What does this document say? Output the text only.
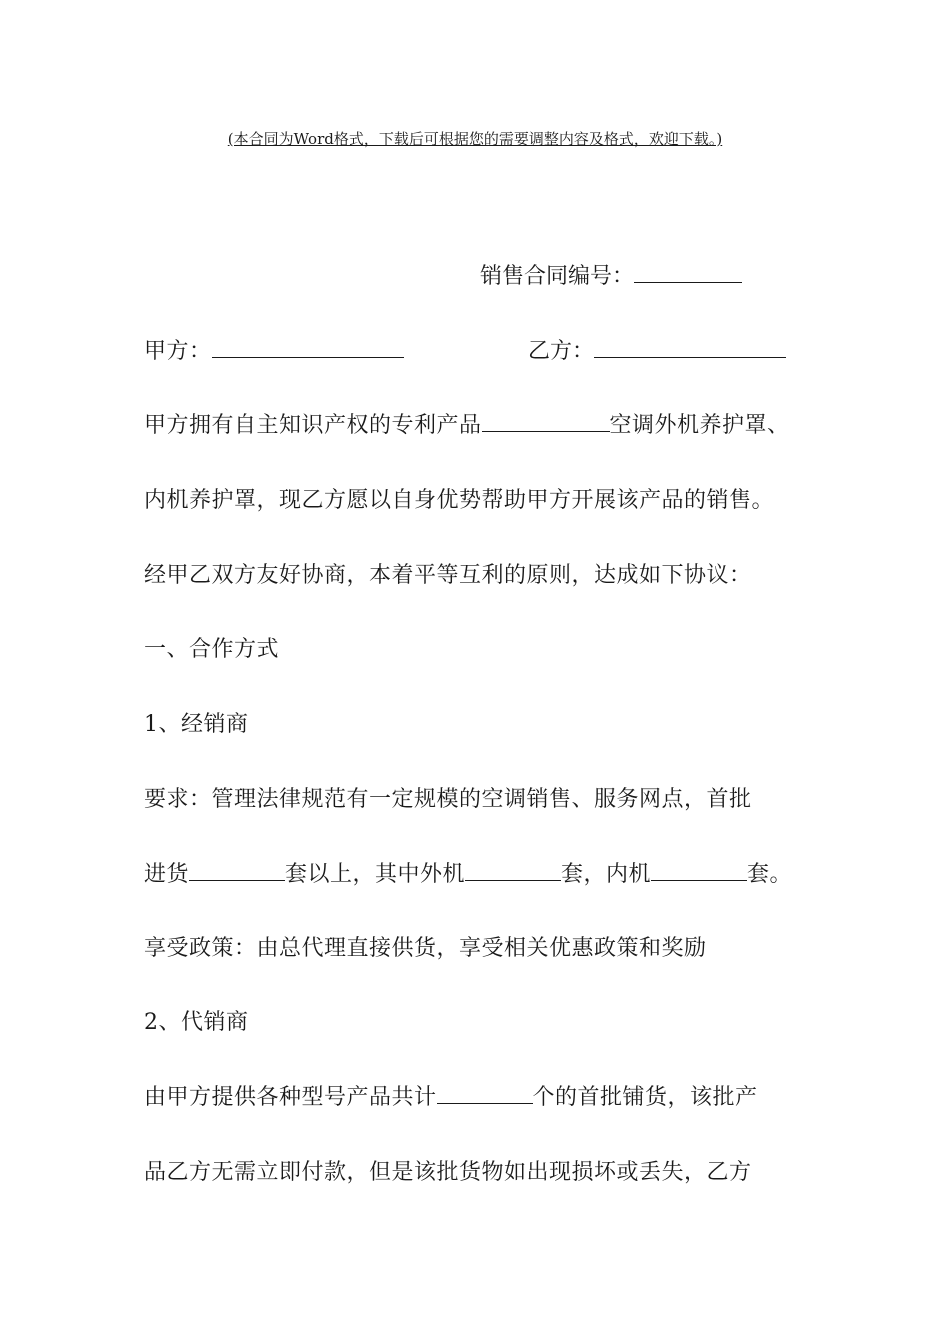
(本合同为Word格式，下载后可根据您的需要调整内容及格式，欢迎下载。)
销售合同编号：
甲方：	乙方：
甲方拥有自主知识产权的专利产品	空调外机养护罩、
内机养护罩，现乙方愿以自身优势帮助甲方开展该产品的销售。
经甲乙双方友好协商，本着平等互利的原则，达成如下协议：
一、合作方式
1、经销商
要求：管理法律规范有一定规模的空调销售、服务网点，首批
进货	套以上，其中外机	套，内机	套。
享受政策：由总代理直接供货，享受相关优惠政策和奖励
2、代销商
由甲方提供各种型号产品共计	个的首批铺货，该批产
品乙方无需立即付款，但是该批货物如出现损坏或丢失，乙方
